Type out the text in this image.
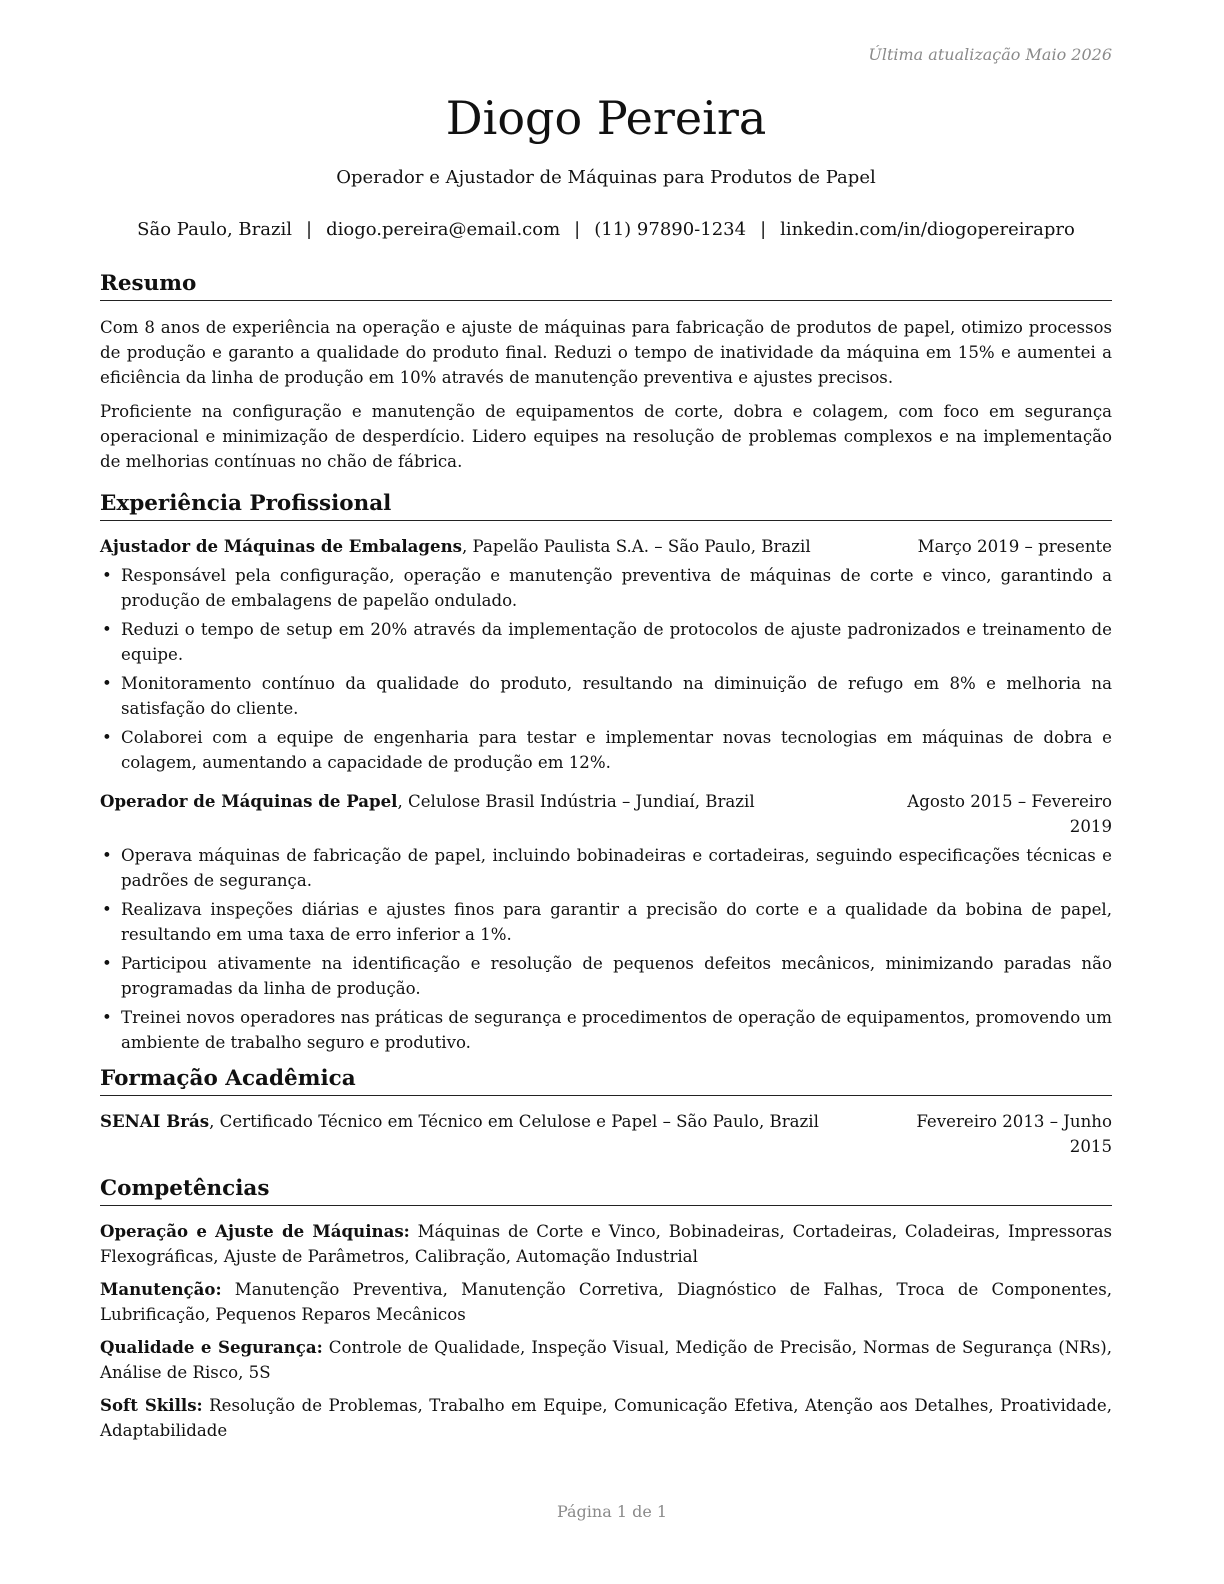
Última atualização Maio 2026
Diogo Pereira
Operador e Ajustador de Máquinas para Produtos de Papel
São Paulo, Brazil | diogo.pereira@email.com | (11) 97890-1234 | linkedin.com/in/diogopereirapro
Resumo

Com 8 anos de experiência na operação e ajuste de máquinas para fabricação de produtos de papel, otimizo processos de produção e garanto a qualidade do produto final. Reduzi o tempo de inatividade da máquina em 15% e aumentei a eficiência da linha de produção em 10% através de manutenção preventiva e ajustes precisos.

Proficiente na configuração e manutenção de equipamentos de corte, dobra e colagem, com foco em segurança operacional e minimização de desperdício. Lidero equipes na resolução de problemas complexos e na implementação de melhorias contínuas no chão de fábrica.

Experiência Profissional
Ajustador de Máquinas de Embalagens, Papelão Paulista S.A. – São Paulo, Brazil	Março 2019 – presente
• Responsável pela configuração, operação e manutenção preventiva de máquinas de corte e vinco, garantindo a produção de embalagens de papelão ondulado.
• Reduzi o tempo de setup em 20% através da implementação de protocolos de ajuste padronizados e treinamento de equipe.
• Monitoramento contínuo da qualidade do produto, resultando na diminuição de refugo em 8% e melhoria na satisfação do cliente.
• Colaborei com a equipe de engenharia para testar e implementar novas tecnologias em máquinas de dobra e colagem, aumentando a capacidade de produção em 12%.
Operador de Máquinas de Papel, Celulose Brasil Indústria – Jundiaí, Brazil	Agosto 2015 – Fevereiro 2019
• Operava máquinas de fabricação de papel, incluindo bobinadeiras e cortadeiras, seguindo especificações técnicas e padrões de segurança.
• Realizava inspeções diárias e ajustes finos para garantir a precisão do corte e a qualidade da bobina de papel, resultando em uma taxa de erro inferior a 1%.
• Participou ativamente na identificação e resolução de pequenos defeitos mecânicos, minimizando paradas não programadas da linha de produção.
• Treinei novos operadores nas práticas de segurança e procedimentos de operação de equipamentos, promovendo um ambiente de trabalho seguro e produtivo.
Formação Acadêmica
SENAI Brás, Certificado Técnico em Técnico em Celulose e Papel – São Paulo, Brazil	Fevereiro 2013 – Junho 2015
Competências

Operação e Ajuste de Máquinas: Máquinas de Corte e Vinco, Bobinadeiras, Cortadeiras, Coladeiras, Impressoras Flexográficas, Ajuste de Parâmetros, Calibração, Automação Industrial

Manutenção: Manutenção Preventiva, Manutenção Corretiva, Diagnóstico de Falhas, Troca de Componentes, Lubrificação, Pequenos Reparos Mecânicos

Qualidade e Segurança: Controle de Qualidade, Inspeção Visual, Medição de Precisão, Normas de Segurança (NRs), Análise de Risco, 5S

Soft Skills: Resolução de Problemas, Trabalho em Equipe, Comunicação Efetiva, Atenção aos Detalhes, Proatividade, Adaptabilidade

Página 1 de 1
